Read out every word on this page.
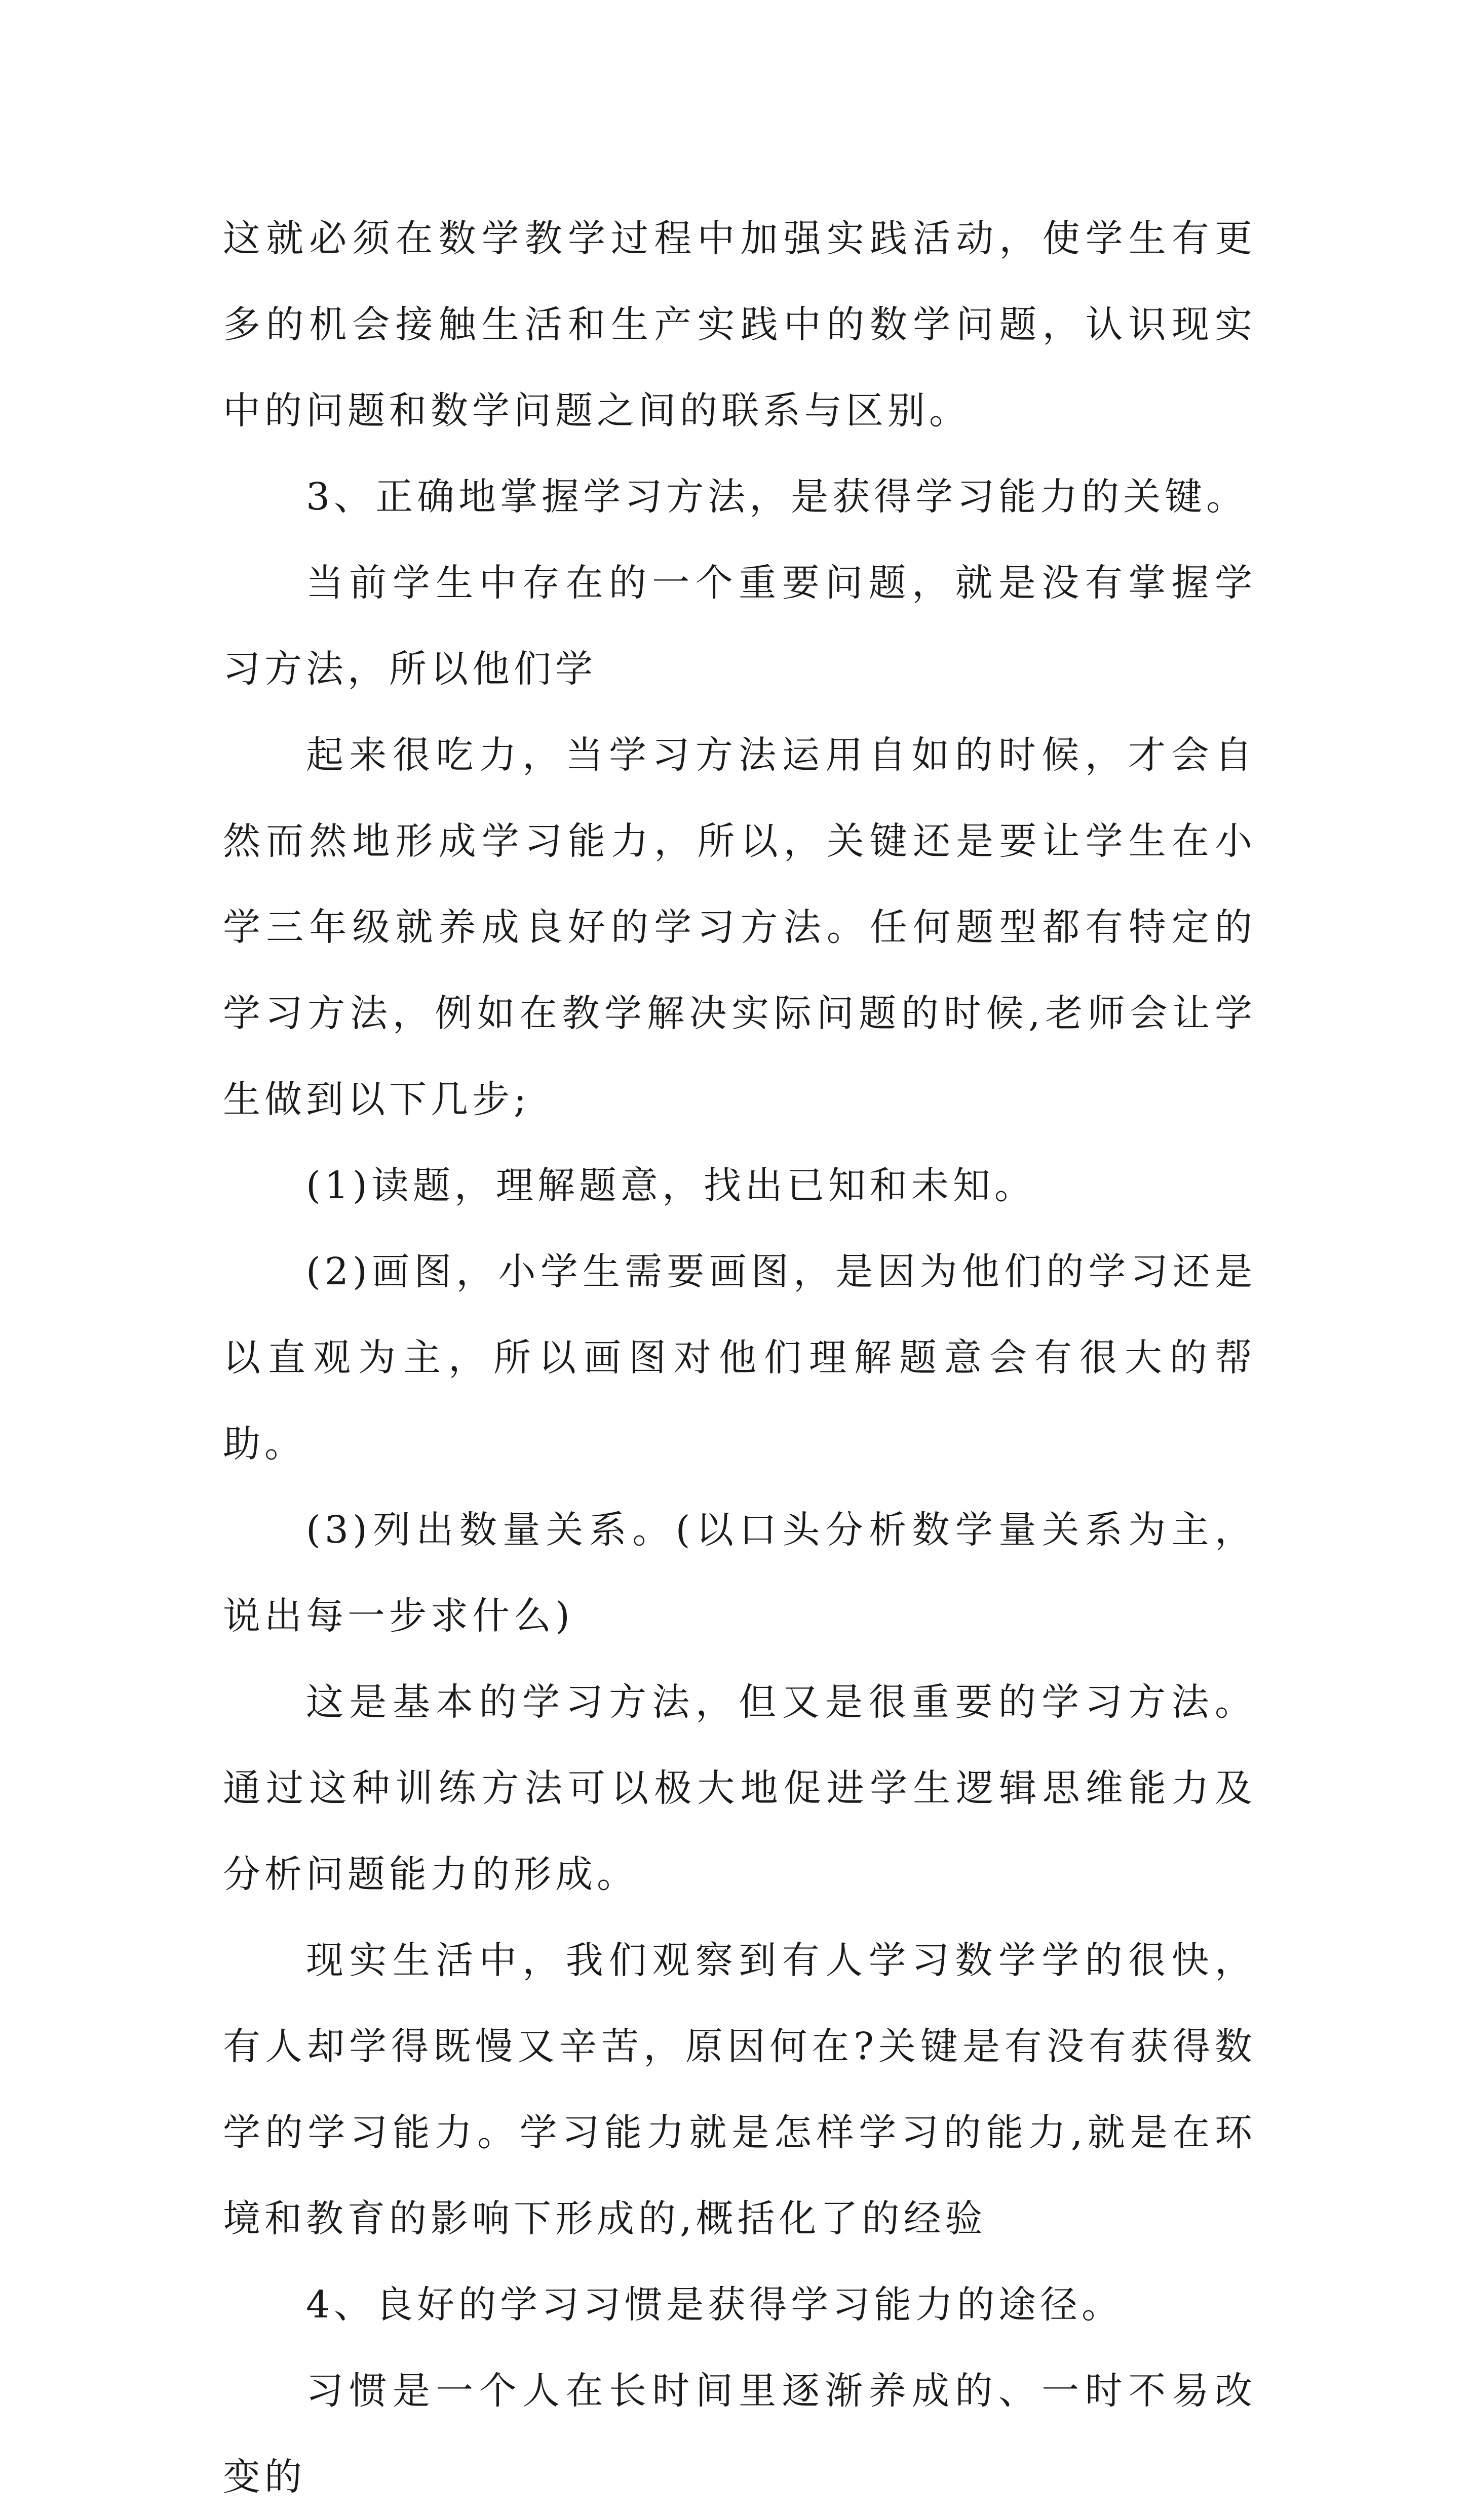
这就必须在数学教学过程中加强实践活动，使学生有更多的机会接触生活和生产实践中的数学问题，认识现实中的问题和数学问题之间的联系与区别。

3、正确地掌握学习方法，是获得学习能力的关键。

当前学生中存在的一个重要问题，就是没有掌握学习方法，所以他们学

起来很吃力，当学习方法运用自如的时候，才会自然而然地形成学习能力，所以，关键还是要让学生在小学三年级就养成良好的学习方法。任何题型都有特定的学习方法，例如在教学解决实际问题的时候,老师会让学生做到以下几步;

(1)读题，理解题意，找出已知和未知。

(2)画图，小学生需要画图，是因为他们的学习还是以直观为主，所以画图对他们理解题意会有很大的帮助。

(3)列出数量关系。(以口头分析数学量关系为主，说出每一步求什么)

这是基本的学习方法，但又是很重要的学习方法。通过这种训练方法可以极大地促进学生逻辑思维能力及分析问题能力的形成。

现实生活中，我们观察到有人学习数学学的很快，有人却学得既慢又辛苦，原因何在?关键是有没有获得数学的学习能力。学习能力就是怎样学习的能力,就是在环境和教育的影响下形成的,概括化了的经验

4、良好的学习习惯是获得学习能力的途径。

习惯是一个人在长时间里逐渐养成的、一时不易改变的
